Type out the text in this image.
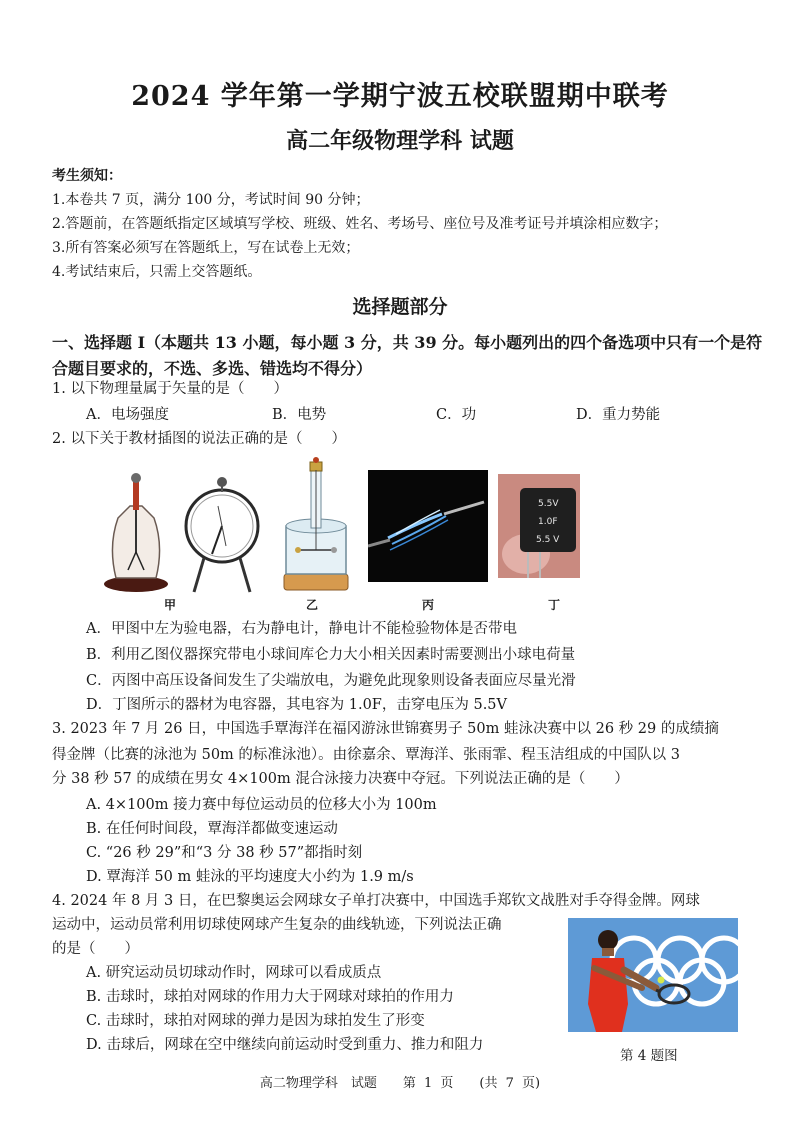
2024 学年第一学期宁波五校联盟期中联考
高二年级物理学科 试题
考生须知：
1.本卷共 7 页，满分 100 分，考试时间 90 分钟；
2.答题前，在答题纸指定区域填写学校、班级、姓名、考场号、座位号及准考证号并填涂相应数字；
3.所有答案必须写在答题纸上，写在试卷上无效；
4.考试结束后，只需上交答题纸。
选择题部分
一、选择题 I（本题共 13 小题，每小题 3 分，共 39 分。每小题列出的四个备选项中只有一个是符合题目要求的，不选、多选、错选均不得分）
1. 以下物理量属于矢量的是（　　）
A．电场强度	B．电势	C．功	D．重力势能
2. 以下关于教材插图的说法正确的是（　　）
5.5V
1.0F
5.5 V
甲	乙	丙	丁
A．甲图中左为验电器，右为静电计，静电计不能检验物体是否带电
B．利用乙图仪器探究带电小球间库仑力大小相关因素时需要测出小球电荷量
C．丙图中高压设备间发生了尖端放电，为避免此现象则设备表面应尽量光滑
D．丁图所示的器材为电容器，其电容为 1.0F，击穿电压为 5.5V
3. 2023 年 7 月 26 日，中国选手覃海洋在福冈游泳世锦赛男子 50m 蛙泳决赛中以 26 秒 29 的成绩摘
得金牌（比赛的泳池为 50m 的标准泳池）。由徐嘉余、覃海洋、张雨霏、程玉洁组成的中国队以 3
分 38 秒 57 的成绩在男女 4×100m 混合泳接力决赛中夺冠。下列说法正确的是（　　）
A. 4×100m 接力赛中每位运动员的位移大小为 100m
B. 在任何时间段，覃海洋都做变速运动
C. “26 秒 29”和“3 分 38 秒 57”都指时刻
D. 覃海洋 50 m 蛙泳的平均速度大小约为 1.9 m/s
4. 2024 年 8 月 3 日，在巴黎奥运会网球女子单打决赛中，中国选手郑钦文战胜对手夺得金牌。网球
运动中，运动员常利用切球使网球产生复杂的曲线轨迹，下列说法正确
的是（　　）
A. 研究运动员切球动作时，网球可以看成质点
B. 击球时，球拍对网球的作用力大于网球对球拍的作用力
C. 击球时，球拍对网球的弹力是因为球拍发生了形变
D. 击球后，网球在空中继续向前运动时受到重力、推力和阻力
第 4 题图
高二物理学科　试题　　第 1 页　　(共 7 页)
